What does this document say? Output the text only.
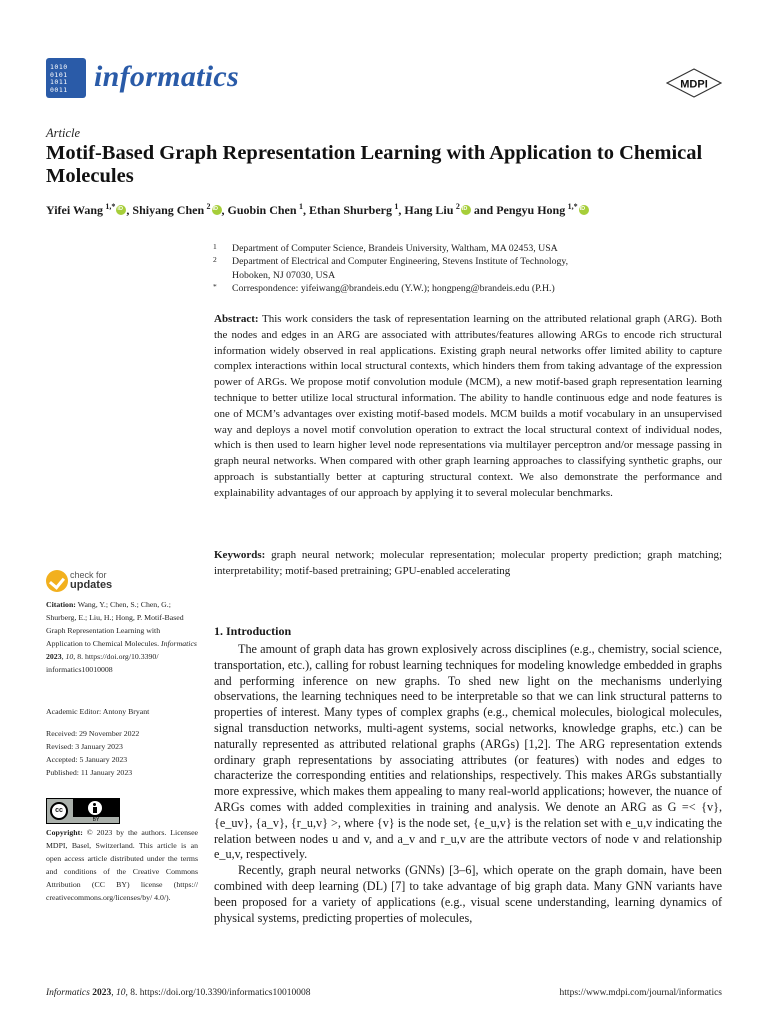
1010
0101
1011
0011 informatics	MDPI
Article
Motif-Based Graph Representation Learning with Application to Chemical Molecules
Yifei Wang  $^{1,*}$ iD , Shiyang Chen  $^2$ iD , Guobin Chen  $^1$, Ethan Shurberg  $^1$, Hang Liu  $^2$iD and Pengyu Hong  $^{1,*}$iD
1 Department of Computer Science, Brandeis University, Waltham, MA 02453, USA
2 Department of Electrical and Computer Engineering, Stevens Institute of Technology,
Hoboken, NJ 07030, USA
* Correspondence: yifeiwang@brandeis.edu (Y.W.); hongpeng@brandeis.edu (P.H.)
Abstract: This work considers the task of representation learning on the attributed relational graph (ARG). Both the nodes and edges in an ARG are associated with attributes/features allowing ARGs to encode rich structural information widely observed in real applications. Existing graph neural networks offer limited ability to capture complex interactions within local structural contexts, which hinders them from taking advantage of the expression power of ARGs. We propose motif convolution module (MCM), a new motif-based graph representation learning technique to better utilize local structural information. The ability to handle continuous edge and node features is one of MCM’s advantages over existing motif-based models. MCM builds a motif vocabulary in an unsupervised way and deploys a novel motif convolution operation to extract the local structural context of individual nodes, which is then used to learn higher level node representations via multilayer perceptron and/or message passing in graph neural networks. When compared with other graph learning approaches to classifying synthetic graphs, our approach is substantially better at capturing structural context. We also demonstrate the performance and explainability advantages of our approach by applying it to several molecular benchmarks.
Keywords: graph neural network; molecular representation; molecular property prediction; graph matching; interpretability; motif-based pretraining; GPU-enabled accelerating
check for
updates
Citation: Wang, Y.; Chen, S.; Chen, G.; Shurberg, E.; Liu, H.; Hong, P. Motif-Based Graph Representation Learning with Application to Chemical Molecules. Informatics 2023, 10, 8. https://doi.org/10.3390/ informatics10010008
Academic Editor: Antony Bryant
Received: 29 November 2022
Revised: 3 January 2023
Accepted: 5 January 2023
Published: 11 January 2023
cc
BY
Copyright: © 2023 by the authors. Licensee MDPI, Basel, Switzerland. This article is an open access article distributed under the terms and conditions of the Creative Commons Attribution (CC BY) license (https:// creativecommons.org/licenses/by/ 4.0/).
1. Introduction

The amount of graph data has grown explosively across disciplines (e.g., chemistry, social science, transportation, etc.), calling for robust learning techniques for modeling knowledge embedded in graphs and performing inference on new graphs. To shed new light on the mechanisms underlying observations, the learning techniques need to be interpretable so that we can link structural patterns to properties of interest. Many types of complex graphs (e.g., chemical molecules, biological molecules, signal transduction networks, multi-agent systems, social networks, knowledge graphs, etc.) can be naturally represented as attributed relational graphs (ARGs) [1,2]. The ARG representation extends ordinary graph representations by associating attributes (or features) with nodes and edges to characterize the corresponding entities and relationships, respectively. This makes ARGs substantially more expressive, which makes them appealing to many real-world applications; however, the nuance of ARGs comes with added complexities in training and analysis. We denote an ARG as G =< {v}, {e_uv}, {a_v}, {r_u,v} >, where {v} is the node set, {e_u,v} is the relation set with e_u,v indicating the relation between nodes u and v, and a_v and r_u,v are the attribute vectors of node v and relationship e_u,v, respectively.

Recently, graph neural networks (GNNs) [3–6], which operate on the graph domain, have been combined with deep learning (DL) [7] to take advantage of big graph data. Many GNN variants have been proposed for a variety of applications (e.g., visual scene understanding, learning dynamics of physical systems, predicting properties of molecules,

Informatics 2023, 10, 8. https://doi.org/10.3390/informatics10010008	https://www.mdpi.com/journal/informatics
